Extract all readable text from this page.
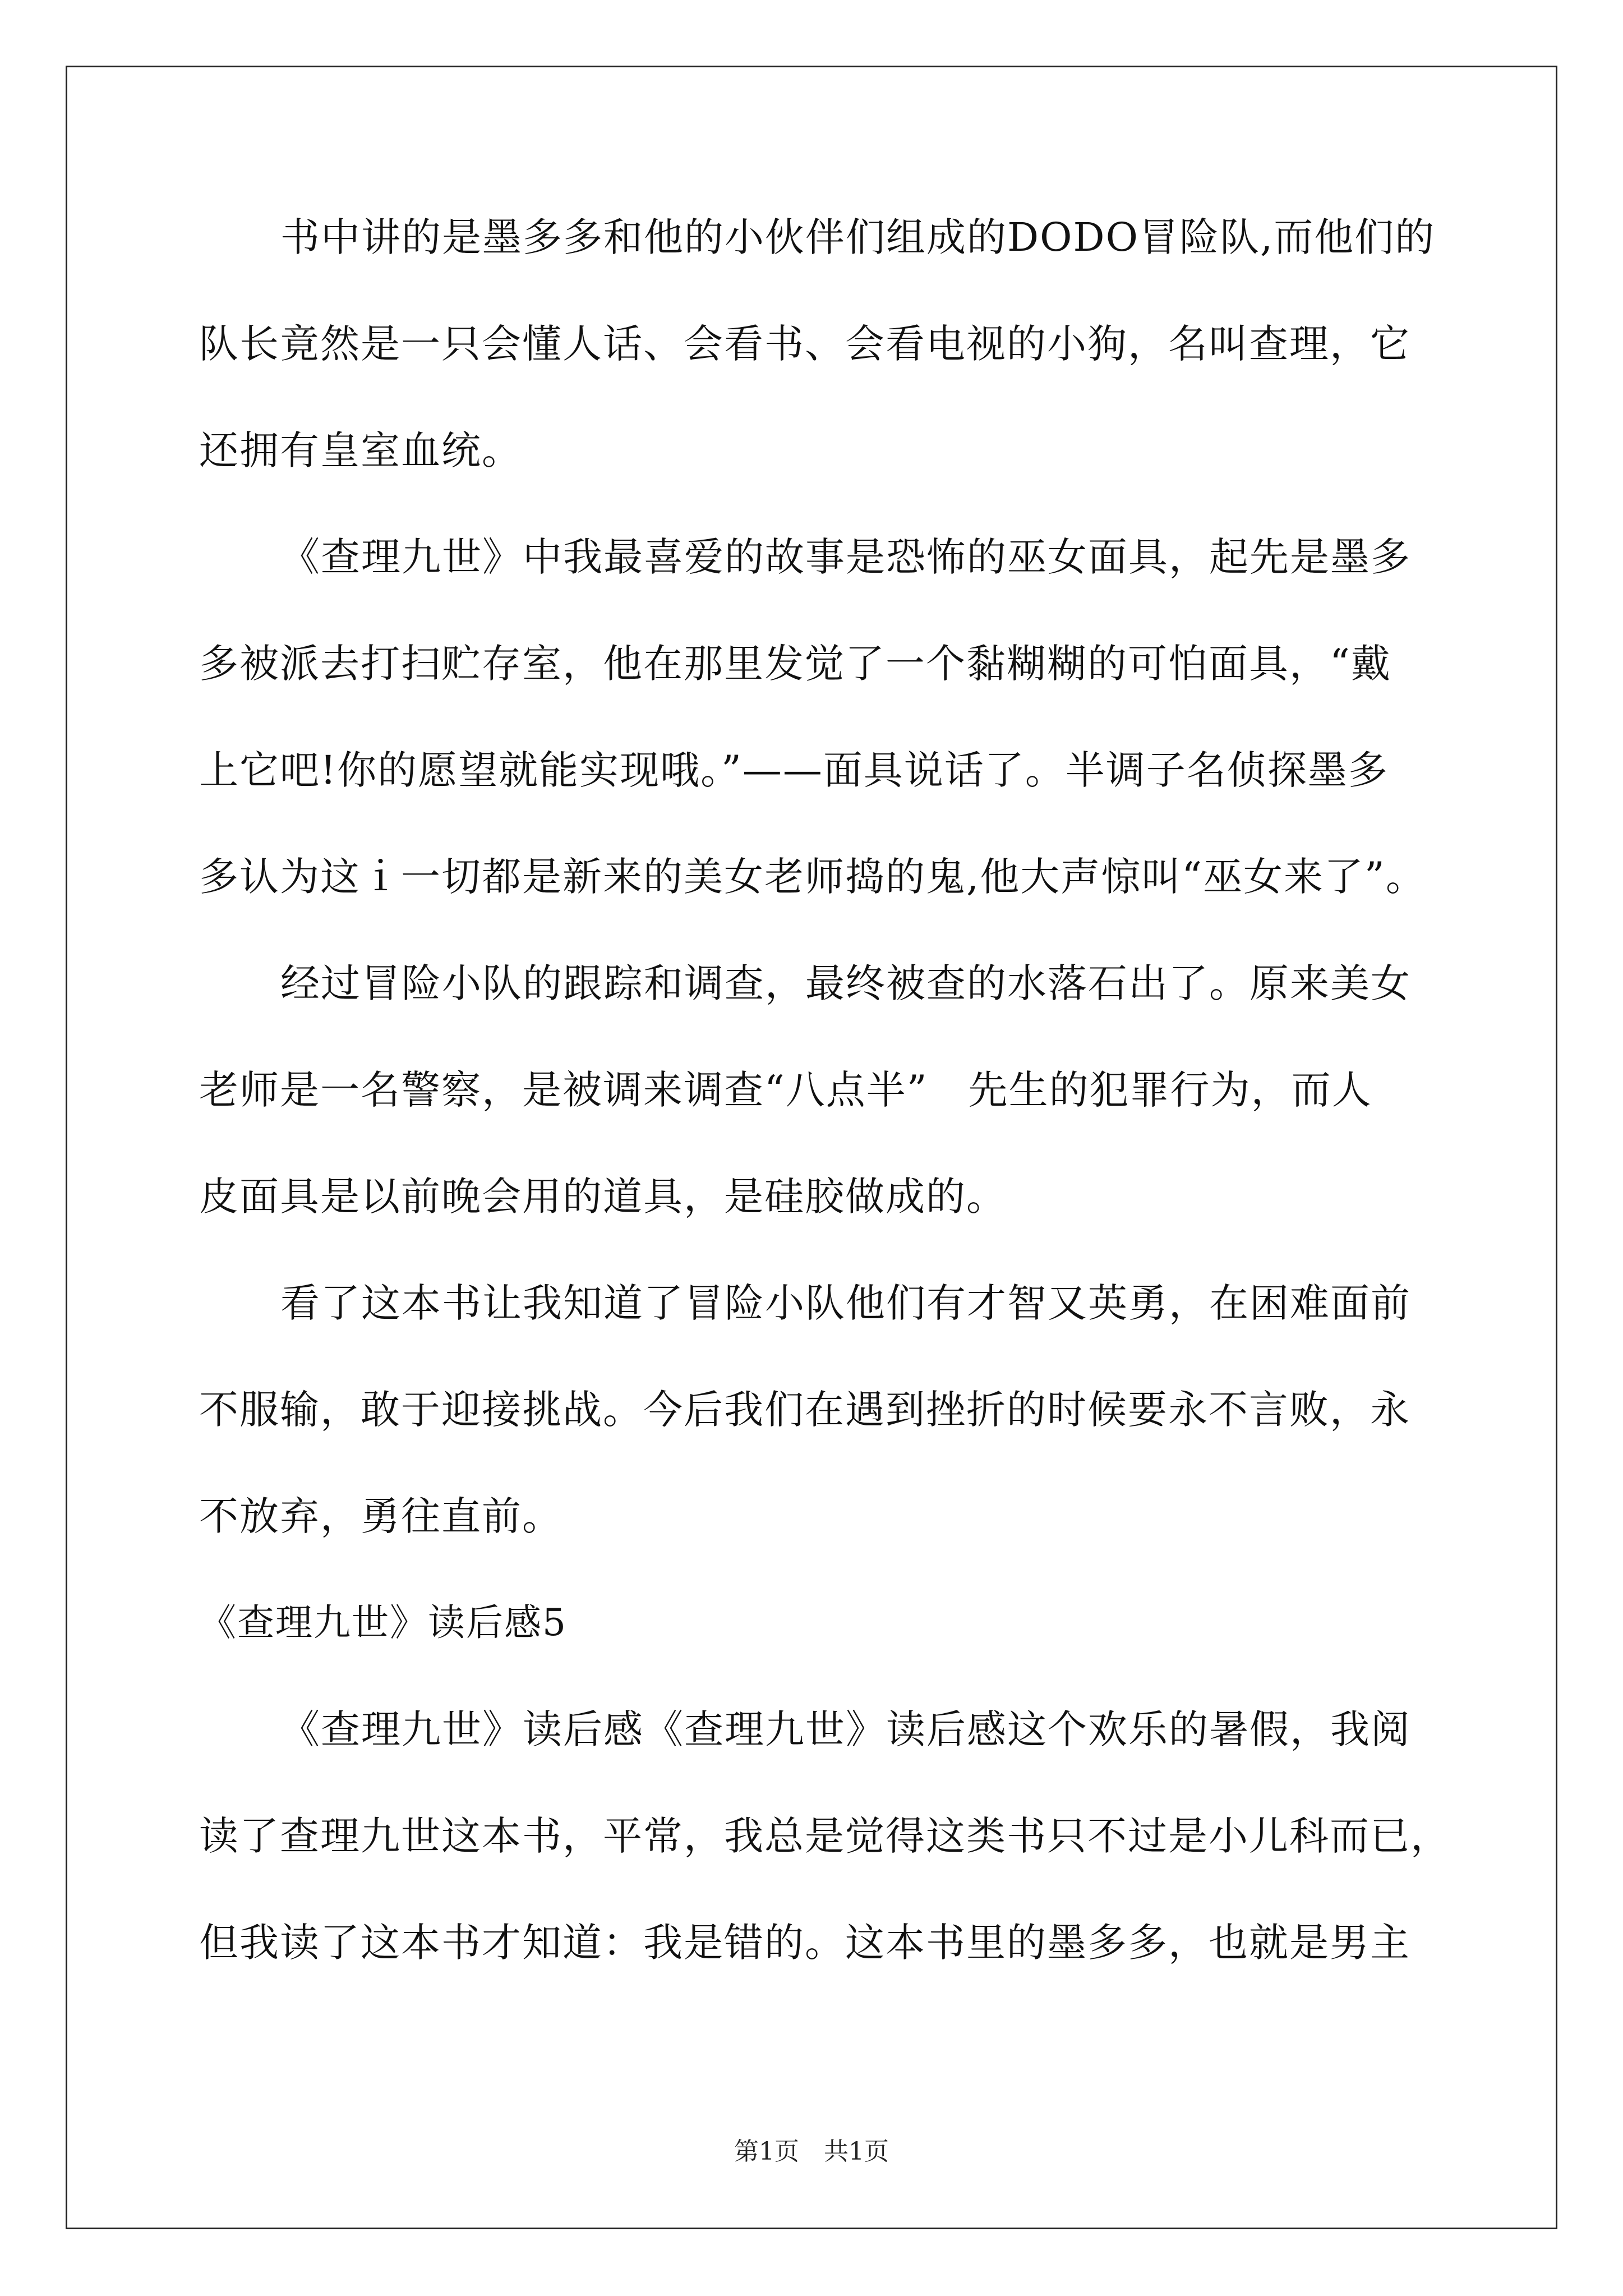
书中讲的是墨多多和他的小伙伴们组成的DODO冒险队,而他们的
队长竟然是一只会懂人话、会看书、会看电视的小狗，名叫查理，它
还拥有皇室血统。
《查理九世》中我最喜爱的故事是恐怖的巫女面具，起先是墨多
多被派去打扫贮存室，他在那里发觉了一个黏糊糊的可怕面具，“戴
上它吧!你的愿望就能实现哦。”——面具说话了。半调子名侦探墨多
多认为这ｉ一切都是新来的美女老师捣的鬼,他大声惊叫“巫女来了”。
经过冒险小队的跟踪和调查，最终被查的水落石出了。原来美女
老师是一名警察，是被调来调查“八点半”　先生的犯罪行为，而人
皮面具是以前晚会用的道具，是硅胶做成的。
看了这本书让我知道了冒险小队他们有才智又英勇，在困难面前
不服输，敢于迎接挑战。今后我们在遇到挫折的时候要永不言败，永
不放弃，勇往直前。
《查理九世》读后感5
《查理九世》读后感《查理九世》读后感这个欢乐的暑假，我阅
读了查理九世这本书，平常，我总是觉得这类书只不过是小儿科而已，
但我读了这本书才知道：我是错的。这本书里的墨多多，也就是男主
第1页　共1页
